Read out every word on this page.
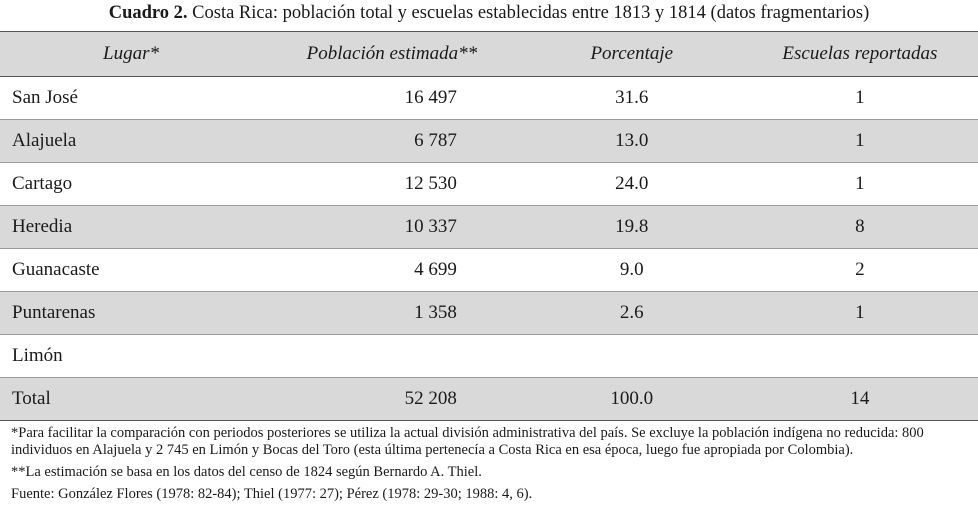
Cuadro 2. Costa Rica: población total y escuelas establecidas entre 1813 y 1814 (datos fragmentarios)
Lugar*	Población estimada**	Porcentaje	Escuelas reportadas
San José	16 497	31.6	1
Alajuela	6 787	13.0	1
Cartago	12 530	24.0	1
Heredia	10 337	19.8	8
Guanacaste	4 699	9.0	2
Puntarenas	1 358	2.6	1
Limón			
Total	52 208	100.0	14

*Para facilitar la comparación con periodos posteriores se utiliza la actual división administrativa del país. Se excluye la población indígena no reducida: 800 individuos en Alajuela y 2 745 en Limón y Bocas del Toro (esta última pertenecía a Costa Rica en esa época, luego fue apropiada por Colombia).

**La estimación se basa en los datos del censo de 1824 según Bernardo A. Thiel.

Fuente: González Flores (1978: 82-84); Thiel (1977: 27); Pérez (1978: 29-30; 1988: 4, 6).
